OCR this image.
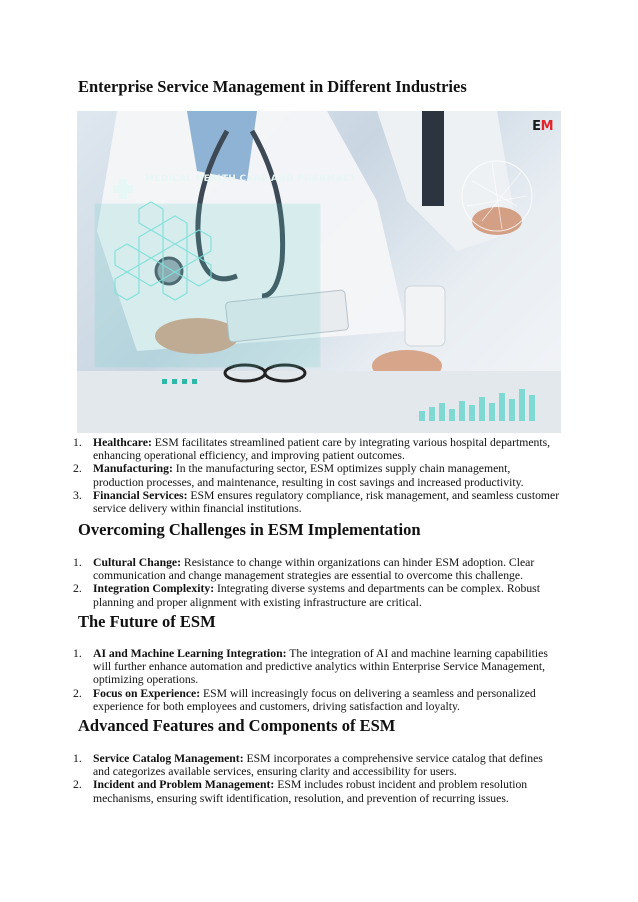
Enterprise Service Management in Different Industries
MEDICAL HEALTH CARE AND PHARMACY
EM
1. Healthcare: ESM facilitates streamlined patient care by integrating various hospital departments, enhancing operational efficiency, and improving patient outcomes.
2. Manufacturing: In the manufacturing sector, ESM optimizes supply chain management, production processes, and maintenance, resulting in cost savings and increased productivity.
3. Financial Services: ESM ensures regulatory compliance, risk management, and seamless customer service delivery within financial institutions.
Overcoming Challenges in ESM Implementation
1. Cultural Change: Resistance to change within organizations can hinder ESM adoption. Clear communication and change management strategies are essential to overcome this challenge.
2. Integration Complexity: Integrating diverse systems and departments can be complex. Robust planning and proper alignment with existing infrastructure are critical.
The Future of ESM
1. AI and Machine Learning Integration: The integration of AI and machine learning capabilities will further enhance automation and predictive analytics within Enterprise Service Management, optimizing operations.
2. Focus on Experience: ESM will increasingly focus on delivering a seamless and personalized experience for both employees and customers, driving satisfaction and loyalty.
Advanced Features and Components of ESM
1. Service Catalog Management: ESM incorporates a comprehensive service catalog that defines and categorizes available services, ensuring clarity and accessibility for users.
2. Incident and Problem Management: ESM includes robust incident and problem resolution mechanisms, ensuring swift identification, resolution, and prevention of recurring issues.
